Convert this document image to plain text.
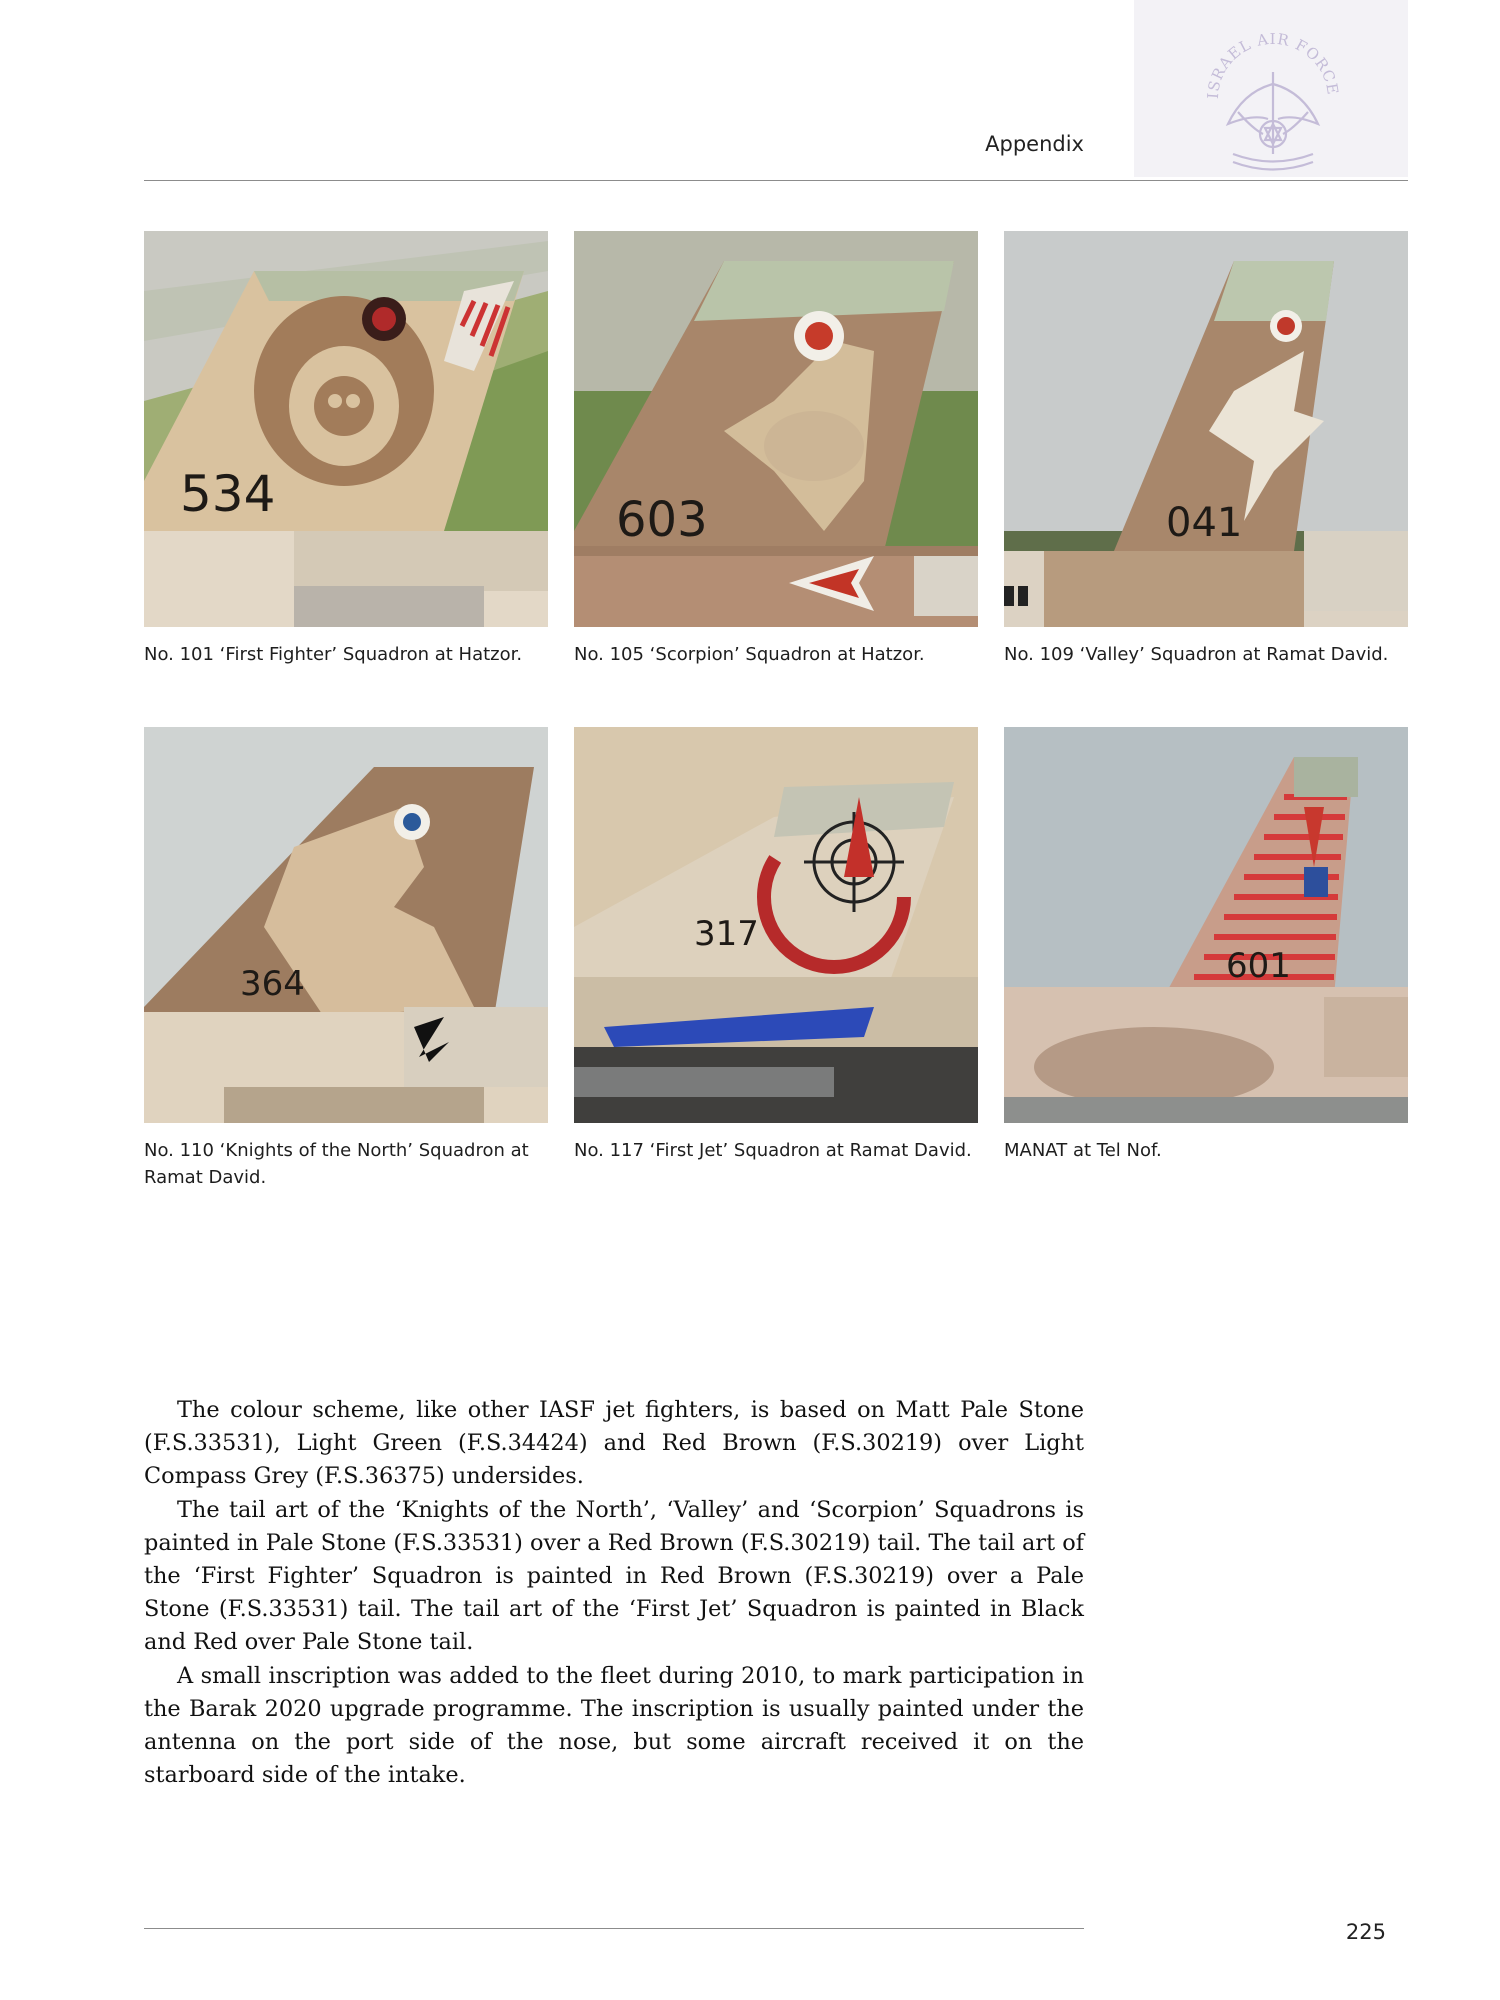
ISRAEL AIR FORCE
Appendix
534
No. 101 ‘First Fighter’ Squadron at Hatzor.
603
No. 105 ‘Scorpion’ Squadron at Hatzor.
041
No. 109 ‘Valley’ Squadron at Ramat David.
364
No. 110 ‘Knights of the North’ Squadron at Ramat David.
317
No. 117 ‘First Jet’ Squadron at Ramat David.
601
MANAT at Tel Nof.

The colour scheme, like other IASF jet fighters, is based on Matt Pale Stone (F.S.33531), Light Green (F.S.34424) and Red Brown (F.S.30219) over Light Compass Grey (F.S.36375) undersides.

The tail art of the ‘Knights of the North’, ‘Valley’ and ‘Scorpion’ Squadrons is painted in Pale Stone (F.S.33531) over a Red Brown (F.S.30219) tail. The tail art of the ‘First Fighter’ Squadron is painted in Red Brown (F.S.30219) over a Pale Stone (F.S.33531) tail. The tail art of the ‘First Jet’ Squadron is painted in Black and Red over Pale Stone tail.

A small inscription was added to the fleet during 2010, to mark participation in the Barak 2020 upgrade programme. The inscription is usually painted under the antenna on the port side of the nose, but some aircraft received it on the starboard side of the intake.

225
